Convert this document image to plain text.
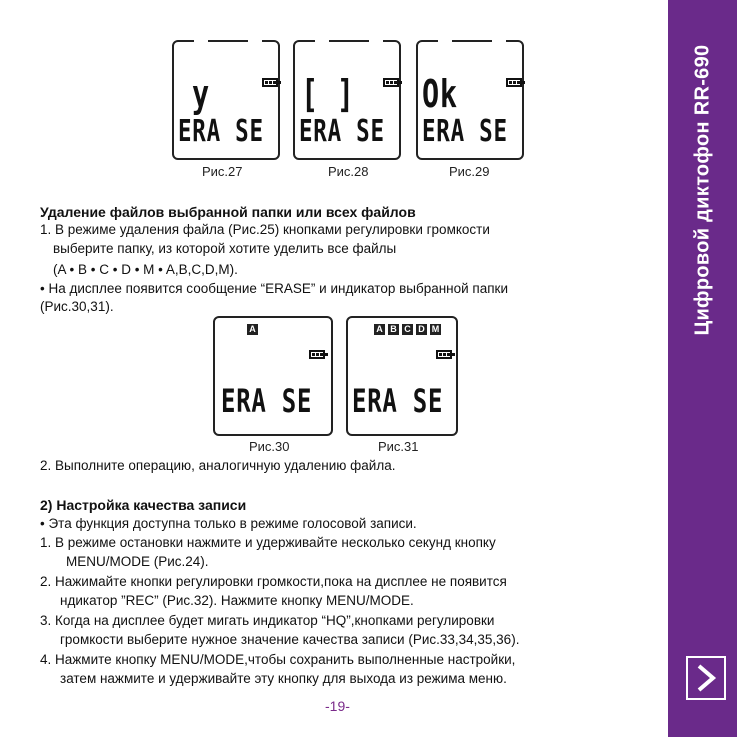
Цифровой диктофон RR-690
y
ERA SE
[ ]
ERA SE
Ok
ERA SE
Рис.27	Рис.28	Рис.29
Удаление файлов выбранной папки или всех файлов
1. В режиме удаления файла (Рис.25) кнопками регулировки громкости
выберите папку, из которой хотите уделить все файлы
(A • B • C • D • M • A,B,C,D,M).
• На дисплее появится сообщение “ERASE” и индикатор выбранной папки
(Рис.30,31).
A
ERA SE
A B C D M
ERA SE
Рис.30	Рис.31
2. Выполните операцию, аналогичную удалению файла.
2) Настройка качества записи
• Эта функция доступна только в режиме голосовой записи.
1. В режиме остановки нажмите и удерживайте несколько секунд кнопку
MENU/MODE (Рис.24).
2. Нажимайте кнопки регулировки громкости,пока на дисплее не появится
ндикатор ”REC” (Рис.32). Нажмите кнопку MENU/MODE.
3. Когда на дисплее будет мигать индикатор “HQ”,кнопками регулировки
громкости выберите нужное значение качества записи (Рис.33,34,35,36).
4. Нажмите кнопку MENU/MODE,чтобы сохранить выполненные настройки,
затем нажмите и удерживайте эту кнопку для выхода из режима меню.
-19-
